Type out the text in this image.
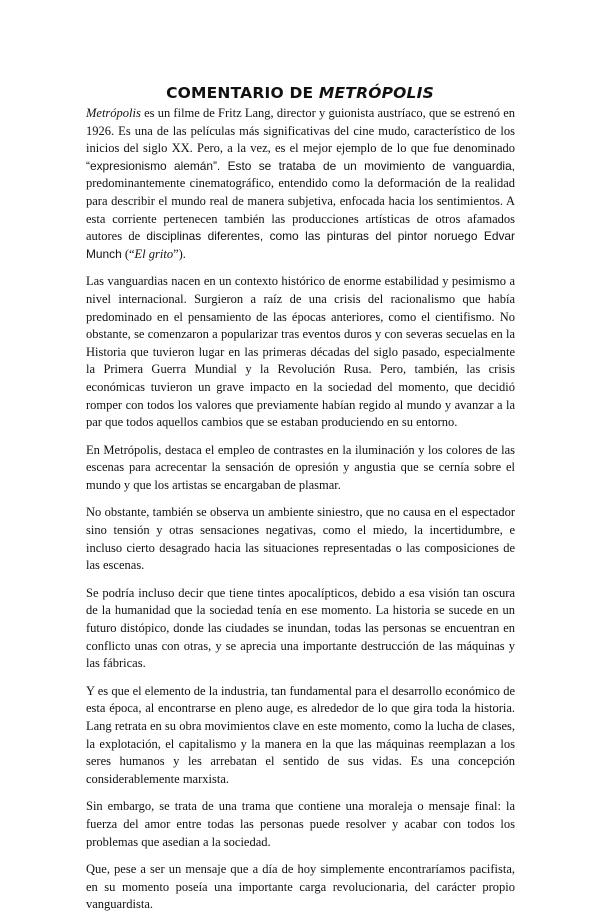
COMENTARIO DE METRÓPOLIS

Metrópolis es un filme de Fritz Lang, director y guionista austríaco, que se estrenó en 1926. Es una de las películas más significativas del cine mudo, característico de los inicios del siglo XX. Pero, a la vez, es el mejor ejemplo de lo que fue denominado “expresionismo alemán”. Esto se trataba de un movimiento de vanguardia, predominantemente cinematográfico, entendido como la deformación de la realidad para describir el mundo real de manera subjetiva, enfocada hacia los sentimientos. A esta corriente pertenecen también las producciones artísticas de otros afamados autores de disciplinas diferentes, como las pinturas del pintor noruego Edvar Munch (“El grito”).

Las vanguardias nacen en un contexto histórico de enorme estabilidad y pesimismo a nivel internacional. Surgieron a raíz de una crisis del racionalismo que había predominado en el pensamiento de las épocas anteriores, como el cientifismo. No obstante, se comenzaron a popularizar tras eventos duros y con severas secuelas en la Historia que tuvieron lugar en las primeras décadas del siglo pasado, especialmente la Primera Guerra Mundial y la Revolución Rusa. Pero, también, las crisis económicas tuvieron un grave impacto en la sociedad del momento, que decidió romper con todos los valores que previamente habían regido al mundo y avanzar a la par que todos aquellos cambios que se estaban produciendo en su entorno.

En Metrópolis, destaca el empleo de contrastes en la iluminación y los colores de las escenas para acrecentar la sensación de opresión y angustia que se cernía sobre el mundo y que los artistas se encargaban de plasmar.

No obstante, también se observa un ambiente siniestro, que no causa en el espectador sino tensión y otras sensaciones negativas, como el miedo, la incertidumbre, e incluso cierto desagrado hacia las situaciones representadas o las composiciones de las escenas.

Se podría incluso decir que tiene tintes apocalípticos, debido a esa visión tan oscura de la humanidad que la sociedad tenía en ese momento. La historia se sucede en un futuro distópico, donde las ciudades se inundan, todas las personas se encuentran en conflicto unas con otras, y se aprecia una importante destrucción de las máquinas y las fábricas.

Y es que el elemento de la industria, tan fundamental para el desarrollo económico de esta época, al encontrarse en pleno auge, es alrededor de lo que gira toda la historia. Lang retrata en su obra movimientos clave en este momento, como la lucha de clases, la explotación, el capitalismo y la manera en la que las máquinas reemplazan a los seres humanos y les arrebatan el sentido de sus vidas. Es una concepción considerablemente marxista.

Sin embargo, se trata de una trama que contiene una moraleja o mensaje final: la fuerza del amor entre todas las personas puede resolver y acabar con todos los problemas que asedian a la sociedad.

Que, pese a ser un mensaje que a día de hoy simplemente encontraríamos pacifista, en su momento poseía una importante carga revolucionaria, del carácter propio vanguardista.
